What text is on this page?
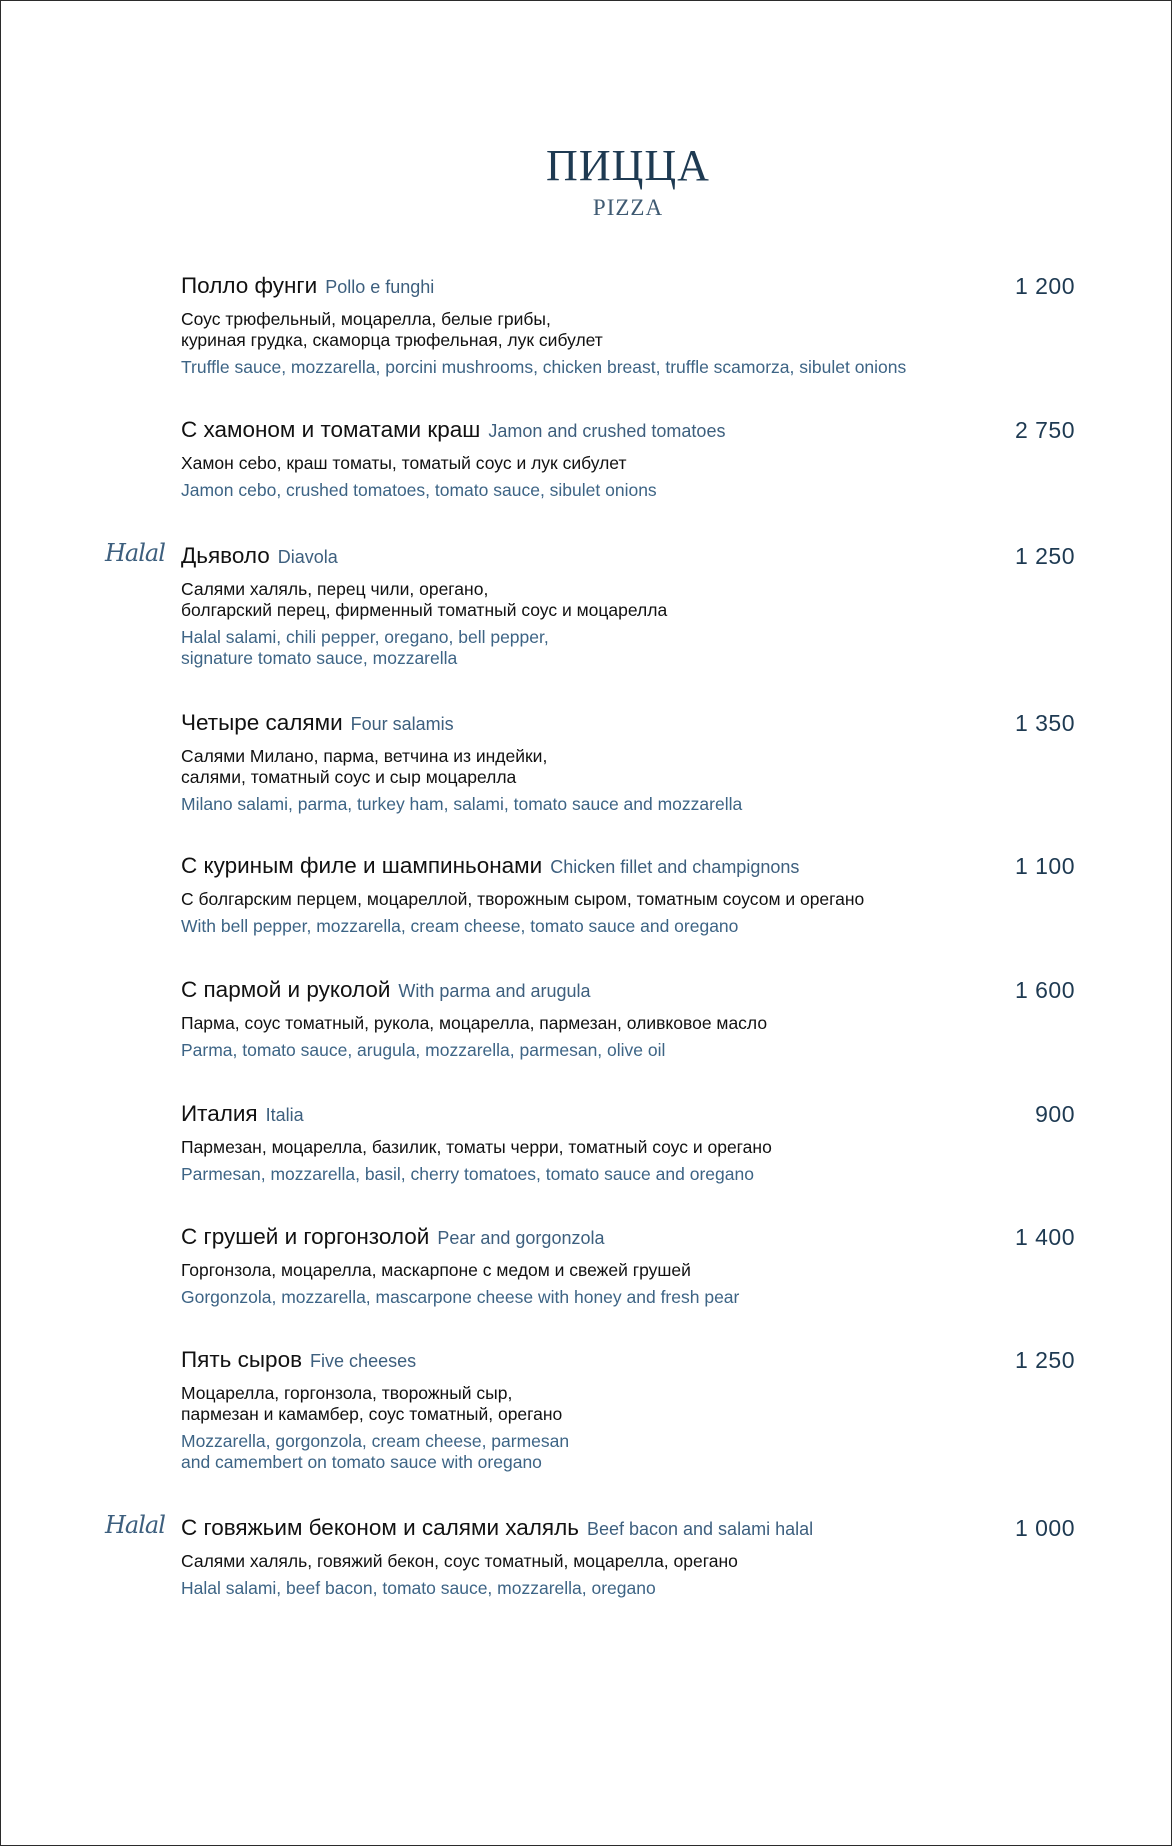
ПИЦЦА
PIZZA
Полло фунги Pollo e funghi	1 200
Соус трюфельный, моцарелла, белые грибы,
куриная грудка, скаморца трюфельная, лук сибулет
Truffle sauce, mozzarella, porcini mushrooms, chicken breast, truffle scamorza, sibulet onions
С хамоном и томатами краш Jamon and crushed tomatoes	2 750
Хамон cebo, краш томаты, томатый соус и лук сибулет
Jamon cebo, crushed tomatoes, tomato sauce, sibulet onions
Halal Дьяволо Diavola	1 250
Салями халяль, перец чили, орегано,
болгарский перец, фирменный томатный соус и моцарелла
Halal salami, chili pepper, oregano, bell pepper,
signature tomato sauce, mozzarella
Четыре салями Four salamis	1 350
Салями Милано, парма, ветчина из индейки,
салями, томатный соус и сыр моцарелла
Milano salami, parma, turkey ham, salami, tomato sauce and mozzarella
С куриным филе и шампиньонами Chicken fillet and champignons	1 100
С болгарским перцем, моцареллой, творожным сыром, томатным соусом и орегано
With bell pepper, mozzarella, cream cheese, tomato sauce and oregano
С пармой и руколой With parma and arugula	1 600
Парма, соус томатный, рукола, моцарелла, пармезан, оливковое масло
Parma, tomato sauce, arugula, mozzarella, parmesan, olive oil
Италия Italia	900
Пармезан, моцарелла, базилик, томаты черри, томатный соус и орегано
Parmesan, mozzarella, basil, cherry tomatoes, tomato sauce and oregano
С грушей и горгонзолой Pear and gorgonzola	1 400
Горгонзола, моцарелла, маскарпоне с медом и свежей грушей
Gorgonzola, mozzarella, mascarpone cheese with honey and fresh pear
Пять сыров Five cheeses	1 250
Моцарелла, горгонзола, творожный сыр,
пармезан и камамбер, соус томатный, орегано
Mozzarella, gorgonzola, cream cheese, parmesan
and camembert on tomato sauce with oregano
Halal С говяжьим беконом и салями халяль Beef bacon and salami halal	1 000
Салями халяль, говяжий бекон, соус томатный, моцарелла, орегано
Halal salami, beef bacon, tomato sauce, mozzarella, oregano
